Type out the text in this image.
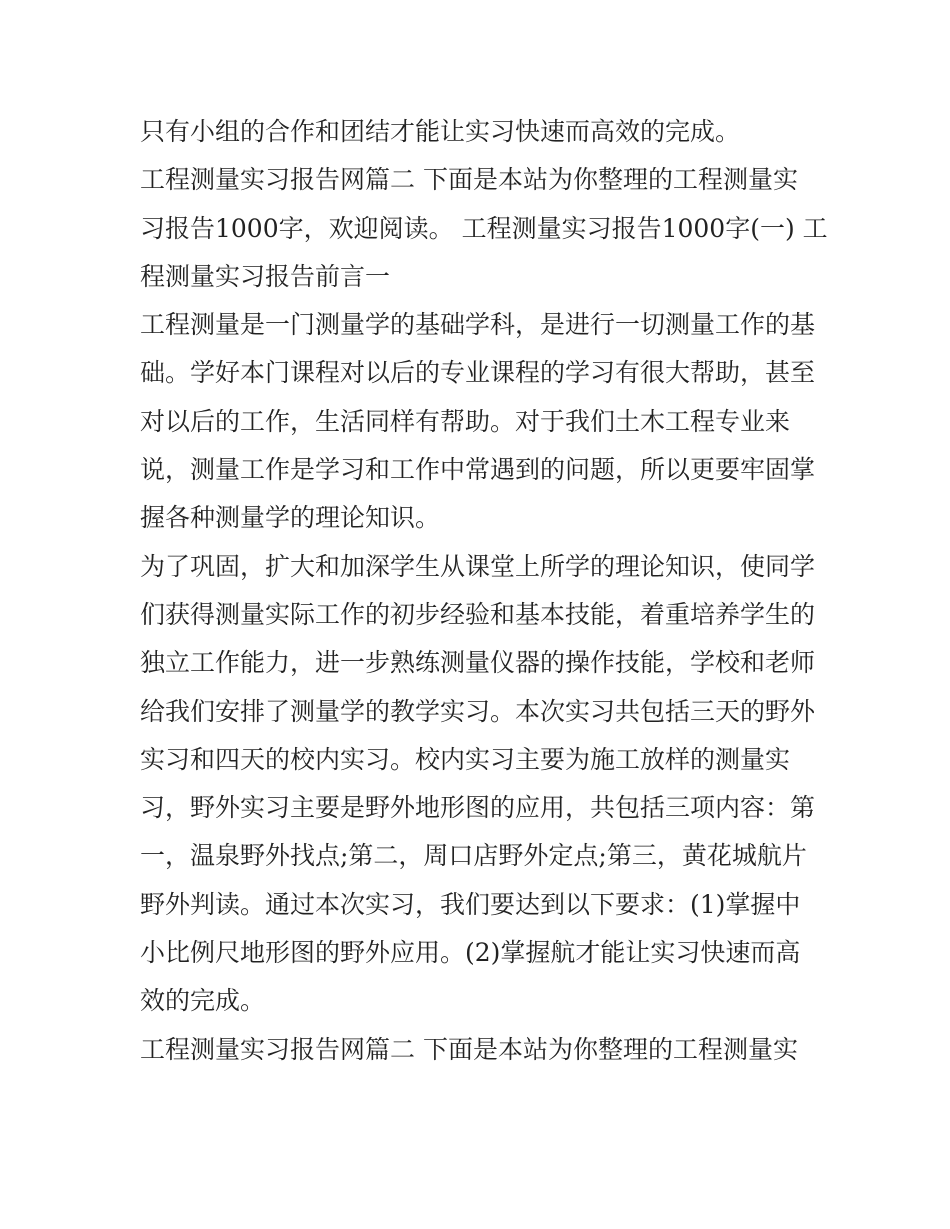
只有小组的合作和团结才能让实习快速而高效的完成。

工程测量实习报告网篇二 下面是本站为你整理的工程测量实

习报告1000字，欢迎阅读。 工程测量实习报告1000字(一) 工

程测量实习报告前言一

工程测量是一门测量学的基础学科，是进行一切测量工作的基

础。学好本门课程对以后的专业课程的学习有很大帮助，甚至

对以后的工作，生活同样有帮助。对于我们土木工程专业来

说，测量工作是学习和工作中常遇到的问题，所以更要牢固掌

握各种测量学的理论知识。

为了巩固，扩大和加深学生从课堂上所学的理论知识，使同学

们获得测量实际工作的初步经验和基本技能，着重培养学生的

独立工作能力，进一步熟练测量仪器的操作技能，学校和老师

给我们安排了测量学的教学实习。本次实习共包括三天的野外

实习和四天的校内实习。校内实习主要为施工放样的测量实

习，野外实习主要是野外地形图的应用，共包括三项内容：第

一，温泉野外找点;第二，周口店野外定点;第三，黄花城航片

野外判读。通过本次实习，我们要达到以下要求：(1)掌握中

小比例尺地形图的野外应用。(2)掌握航才能让实习快速而高

效的完成。

工程测量实习报告网篇二 下面是本站为你整理的工程测量实
